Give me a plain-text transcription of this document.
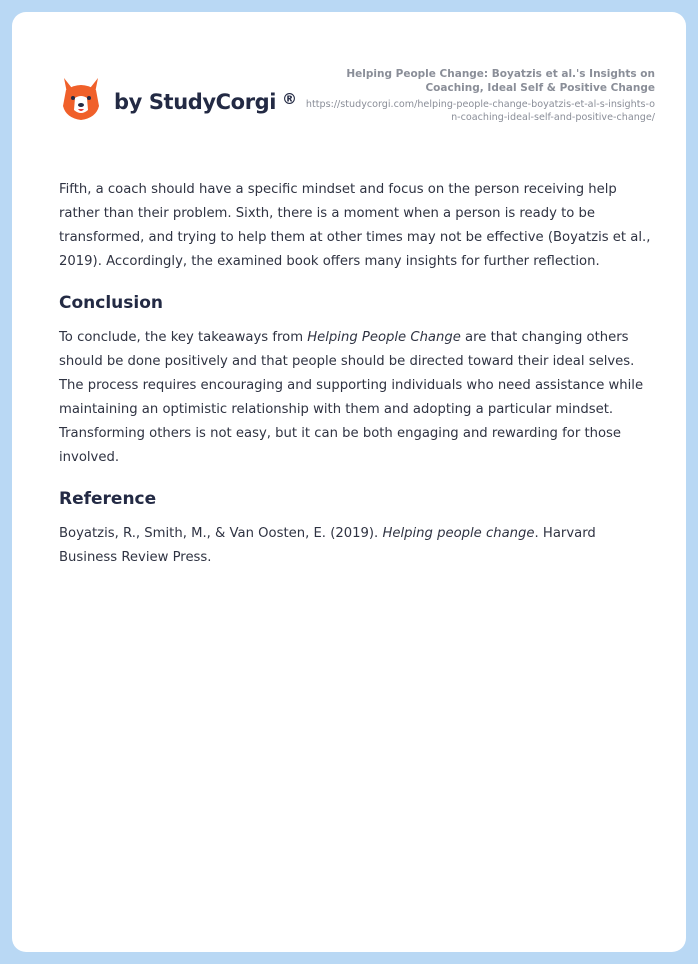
by StudyCorgi ®
Helping People Change: Boyatzis et al.'s Insights on Coaching, Ideal Self & Positive Change
https://studycorgi.com/helping-people-change-boyatzis-et-al-s-insights-on-coaching-ideal-self-and-positive-change/

Fifth, a coach should have a specific mindset and focus on the person receiving help rather than their problem. Sixth, there is a moment when a person is ready to be transformed, and trying to help them at other times may not be effective (Boyatzis et al., 2019). Accordingly, the examined book offers many insights for further reflection.

Conclusion

To conclude, the key takeaways from Helping People Change are that changing others should be done positively and that people should be directed toward their ideal selves. The process requires encouraging and supporting individuals who need assistance while maintaining an optimistic relationship with them and adopting a particular mindset. Transforming others is not easy, but it can be both engaging and rewarding for those involved.

Reference

Boyatzis, R., Smith, M., & Van Oosten, E. (2019). Helping people change. Harvard Business Review Press.
